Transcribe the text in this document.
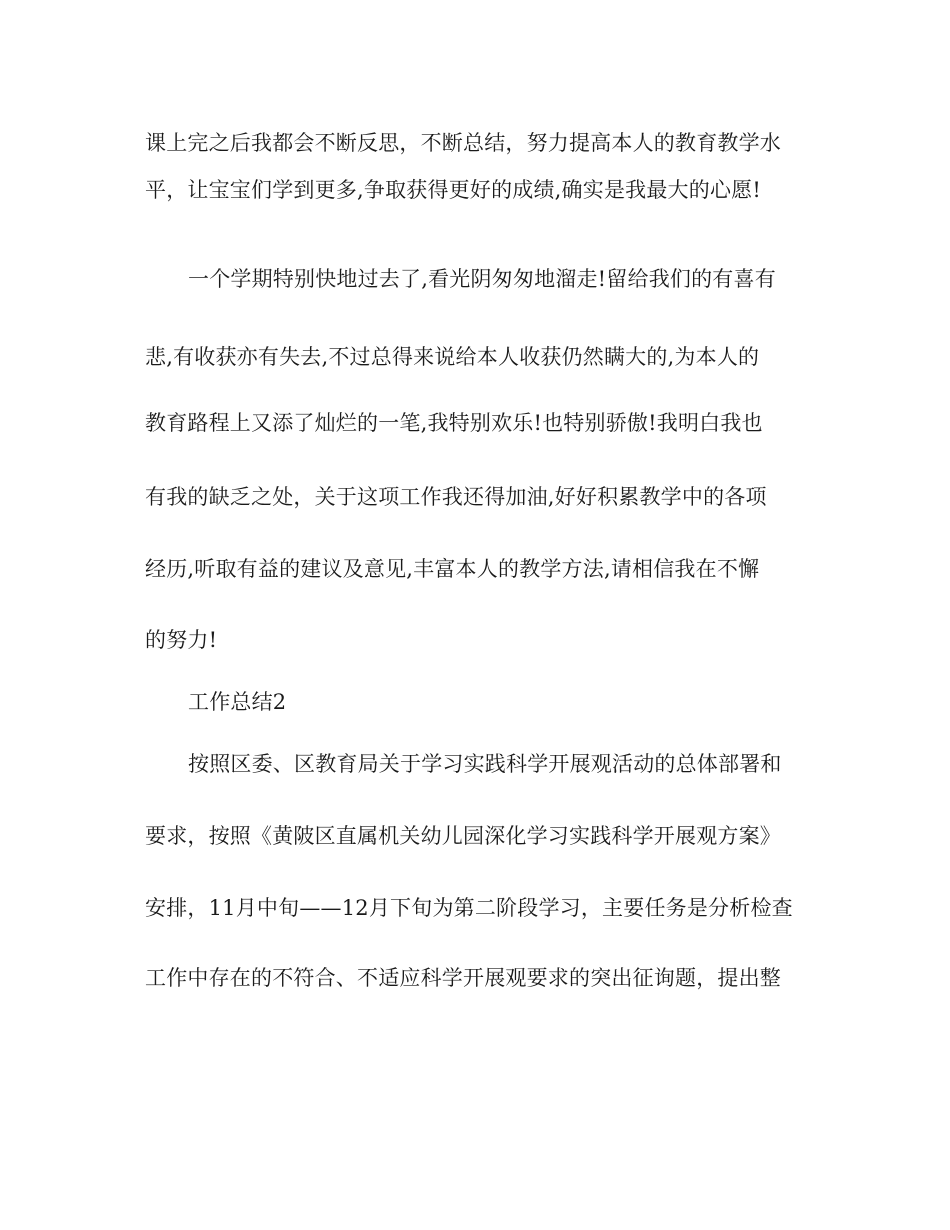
课上完之后我都会不断反思，不断总结，努力提高本人的教育教学水
平，让宝宝们学到更多,争取获得更好的成绩,确实是我最大的心愿!
一个学期特别快地过去了,看光阴匆匆地溜走!留给我们的有喜有
悲,有收获亦有失去,不过总得来说给本人收获仍然瞒大的,为本人的
教育路程上又添了灿烂的一笔,我特别欢乐!也特别骄傲!我明白我也
有我的缺乏之处，关于这项工作我还得加油,好好积累教学中的各项
经历,听取有益的建议及意见,丰富本人的教学方法,请相信我在不懈
的努力!
工作总结2
按照区委、区教育局关于学习实践科学开展观活动的总体部署和
要求，按照《黄陂区直属机关幼儿园深化学习实践科学开展观方案》
安排，11月中旬——12月下旬为第二阶段学习，主要任务是分析检查
工作中存在的不符合、不适应科学开展观要求的突出征询题，提出整
